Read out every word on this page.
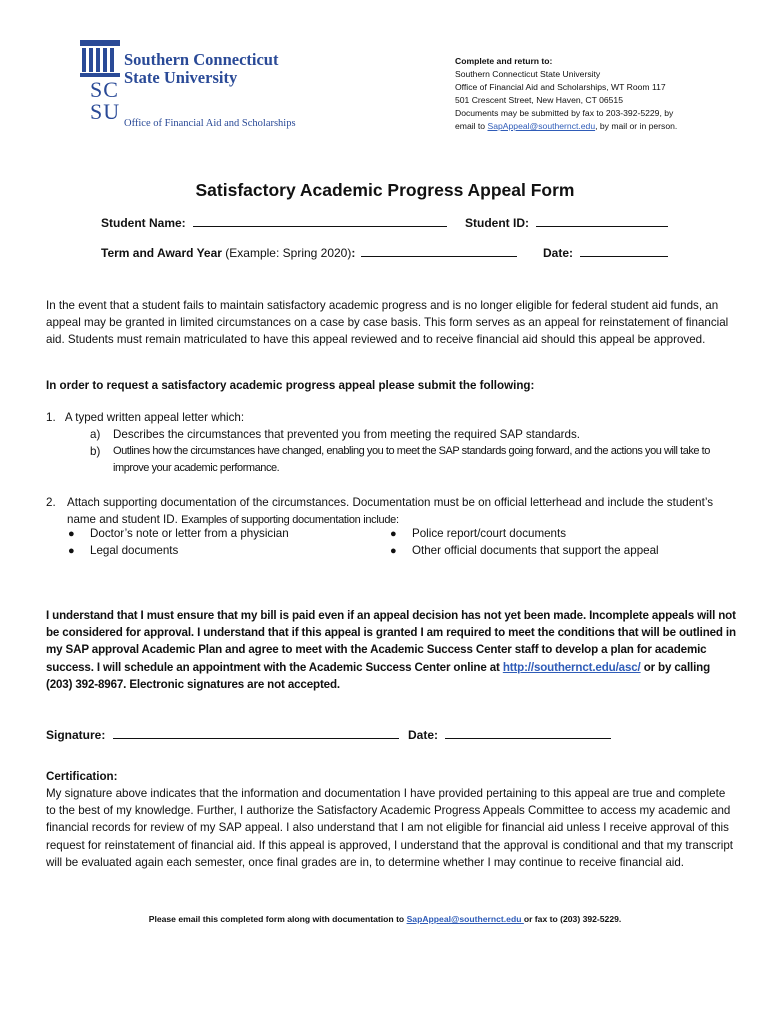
SC
SU
Southern Connecticut
State University
Office of Financial Aid and Scholarships
Complete and return to:
Southern Connecticut State University
Office of Financial Aid and Scholarships, WT Room 117
501 Crescent Street, New Haven, CT 06515
Documents may be submitted by fax to 203-392-5229, by
email to SapAppeal@southernct.edu, by mail or in person.
Satisfactory Academic Progress Appeal Form
Student Name:	Student ID:
Term and Award Year (Example: Spring 2020):	Date:
In the event that a student fails to maintain satisfactory academic progress and is no longer eligible for federal student aid funds, an appeal may be granted in limited circumstances on a case by case basis. This form serves as an appeal for reinstatement of financial aid. Students must remain matriculated to have this appeal reviewed and to receive financial aid should this appeal be approved.
In order to request a satisfactory academic progress appeal please submit the following:
1. A typed written appeal letter which:
a) Describes the circumstances that prevented you from meeting the required SAP standards.
b) Outlines how the circumstances have changed, enabling you to meet the SAP standards going forward, and the actions you will take to improve your academic performance.
2. Attach supporting documentation of the circumstances. Documentation must be on official letterhead and include the student’s name and student ID. Examples of supporting documentation include:
● Doctor’s note or letter from a physician
● Legal documents
● Police report/court documents
● Other official documents that support the appeal
I understand that I must ensure that my bill is paid even if an appeal decision has not yet been made. Incomplete appeals will not be considered for approval. I understand that if this appeal is granted I am required to meet the conditions that will be outlined in my SAP approval Academic Plan and agree to meet with the Academic Success Center staff to develop a plan for academic success. I will schedule an appointment with the Academic Success Center online at http://southernct.edu/asc/ or by calling (203) 392-8967. Electronic signatures are not accepted.
Signature:	Date:
Certification:
My signature above indicates that the information and documentation I have provided pertaining to this appeal are true and complete to the best of my knowledge. Further, I authorize the Satisfactory Academic Progress Appeals Committee to access my academic and financial records for review of my SAP appeal. I also understand that I am not eligible for financial aid unless I receive approval of this request for reinstatement of financial aid. If this appeal is approved, I understand that the approval is conditional and that my transcript will be evaluated again each semester, once final grades are in, to determine whether I may continue to receive financial aid.
Please email this completed form along with documentation to SapAppeal@southernct.edu or fax to (203) 392-5229.
